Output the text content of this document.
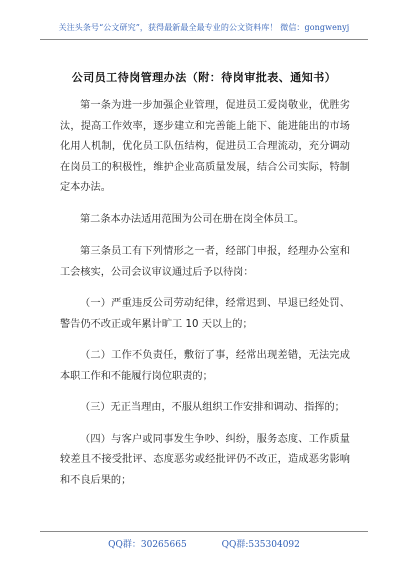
关注头条号“公文研究”，获得最新最全最专业的公文资料库！ 微信：gongwenyj
公司员工待岗管理办法（附：待岗审批表、通知书）

第一条为进一步加强企业管理，促进员工爱岗敬业，优胜劣汰，提高工作效率，逐步建立和完善能上能下、能进能出的市场化用人机制，优化员工队伍结构，促进员工合理流动，充分调动在岗员工的积极性，维护企业高质量发展，结合公司实际，特制定本办法。

第二条本办法适用范围为公司在册在岗全体员工。

第三条员工有下列情形之一者，经部门申报，经理办公室和工会核实，公司会议审议通过后予以待岗：

（一）严重违反公司劳动纪律，经常迟到、早退已经处罚、警告仍不改正或年累计旷工 10 天以上的；

（二）工作不负责任，敷衍了事，经常出现差错，无法完成本职工作和不能履行岗位职责的；

（三）无正当理由，不服从组织工作安排和调动、指挥的；

（四）与客户或同事发生争吵、纠纷，服务态度、工作质量较差且不接受批评、态度恶劣或经批评仍不改正，造成恶劣影响和不良后果的；

QQ群：30265665	QQ群:535304092
